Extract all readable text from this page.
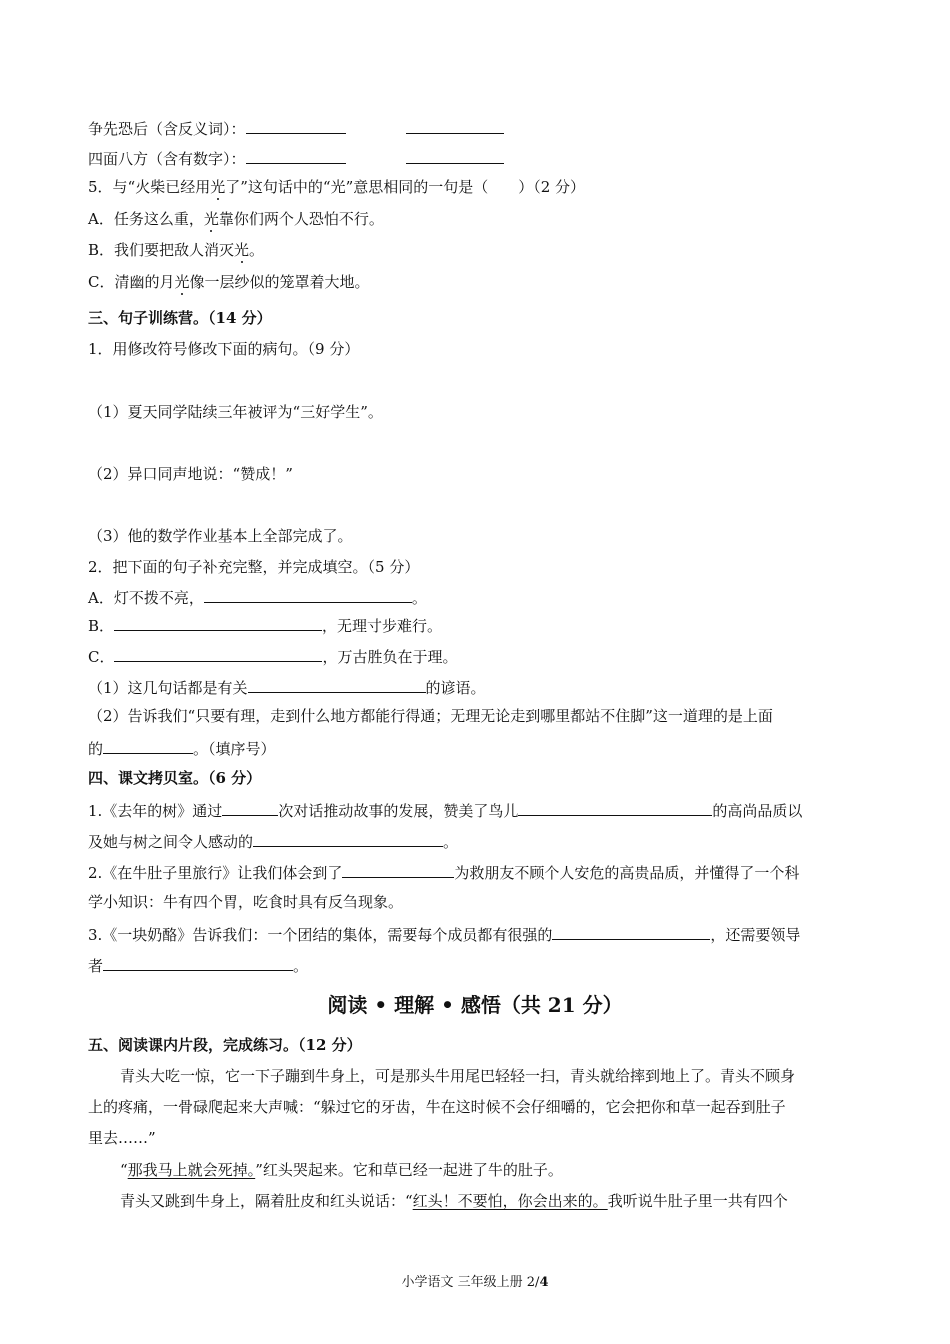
争先恐后（含反义词）：
四面八方（含有数字）：
5．与“火柴已经用光了”这句话中的“光”意思相同的一句是（　　）（2 分）
A．任务这么重，光靠你们两个人恐怕不行。
B．我们要把敌人消灭光。
C．清幽的月光像一层纱似的笼罩着大地。
三、句子训练营。（14 分）
1．用修改符号修改下面的病句。（9 分）
（1）夏天同学陆续三年被评为“三好学生”。
（2）异口同声地说：“赞成！”
（3）他的数学作业基本上全部完成了。
2．把下面的句子补充完整，并完成填空。（5 分）
A．灯不拨不亮，	。
B．	，无理寸步难行。
C．	，万古胜负在于理。
（1）这几句话都是有关	的谚语。
（2）告诉我们“只要有理，走到什么地方都能行得通；无理无论走到哪里都站不住脚”这一道理的是上面
的	。（填序号）
四、课文拷贝室。（6 分）
1.《去年的树》通过	次对话推动故事的发展，赞美了鸟儿	的高尚品质以
及她与树之间令人感动的	。
2.《在牛肚子里旅行》让我们体会到了	为救朋友不顾个人安危的高贵品质，并懂得了一个科
学小知识：牛有四个胃，吃食时具有反刍现象。
3.《一块奶酪》告诉我们：一个团结的集体，需要每个成员都有很强的	，还需要领导
者	。
阅读 • 理解 • 感悟（共 21 分）
五、阅读课内片段，完成练习。（12 分）
青头大吃一惊，它一下子蹦到牛身上，可是那头牛用尾巴轻轻一扫，青头就给摔到地上了。青头不顾身
上的疼痛，一骨碌爬起来大声喊：“躲过它的牙齿，牛在这时候不会仔细嚼的，它会把你和草一起吞到肚子
里去……”
“那我马上就会死掉。”红头哭起来。它和草已经一起进了牛的肚子。
青头又跳到牛身上，隔着肚皮和红头说话：“红头！不要怕，你会出来的。我听说牛肚子里一共有四个
小学语文 三年级上册 2/4
